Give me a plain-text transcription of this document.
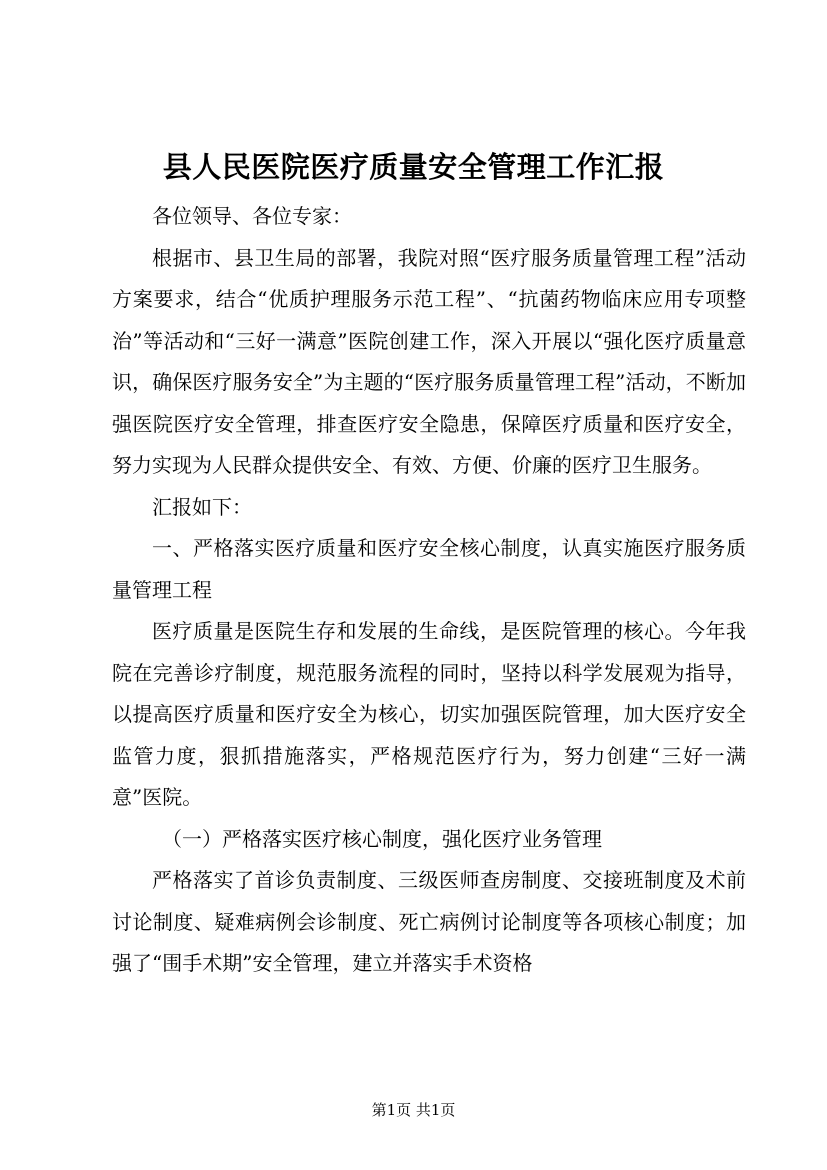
县人民医院医疗质量安全管理工作汇报

各位领导、各位专家：

根据市、县卫生局的部署，我院对照“医疗服务质量管理工程”活动方案要求，结合“优质护理服务示范工程”、“抗菌药物临床应用专项整治”等活动和“三好一满意”医院创建工作，深入开展以“强化医疗质量意识，确保医疗服务安全”为主题的“医疗服务质量管理工程”活动，不断加强医院医疗安全管理，排查医疗安全隐患，保障医疗质量和医疗安全，努力实现为人民群众提供安全、有效、方便、价廉的医疗卫生服务。

汇报如下：

一、严格落实医疗质量和医疗安全核心制度，认真实施医疗服务质量管理工程

医疗质量是医院生存和发展的生命线，是医院管理的核心。今年我院在完善诊疗制度，规范服务流程的同时，坚持以科学发展观为指导，以提高医疗质量和医疗安全为核心，切实加强医院管理，加大医疗安全监管力度，狠抓措施落实，严格规范医疗行为，努力创建“三好一满意”医院。

（一）严格落实医疗核心制度，强化医疗业务管理

严格落实了首诊负责制度、三级医师查房制度、交接班制度及术前讨论制度、疑难病例会诊制度、死亡病例讨论制度等各项核心制度；加强了“围手术期”安全管理，建立并落实手术资格

第1页 共1页
